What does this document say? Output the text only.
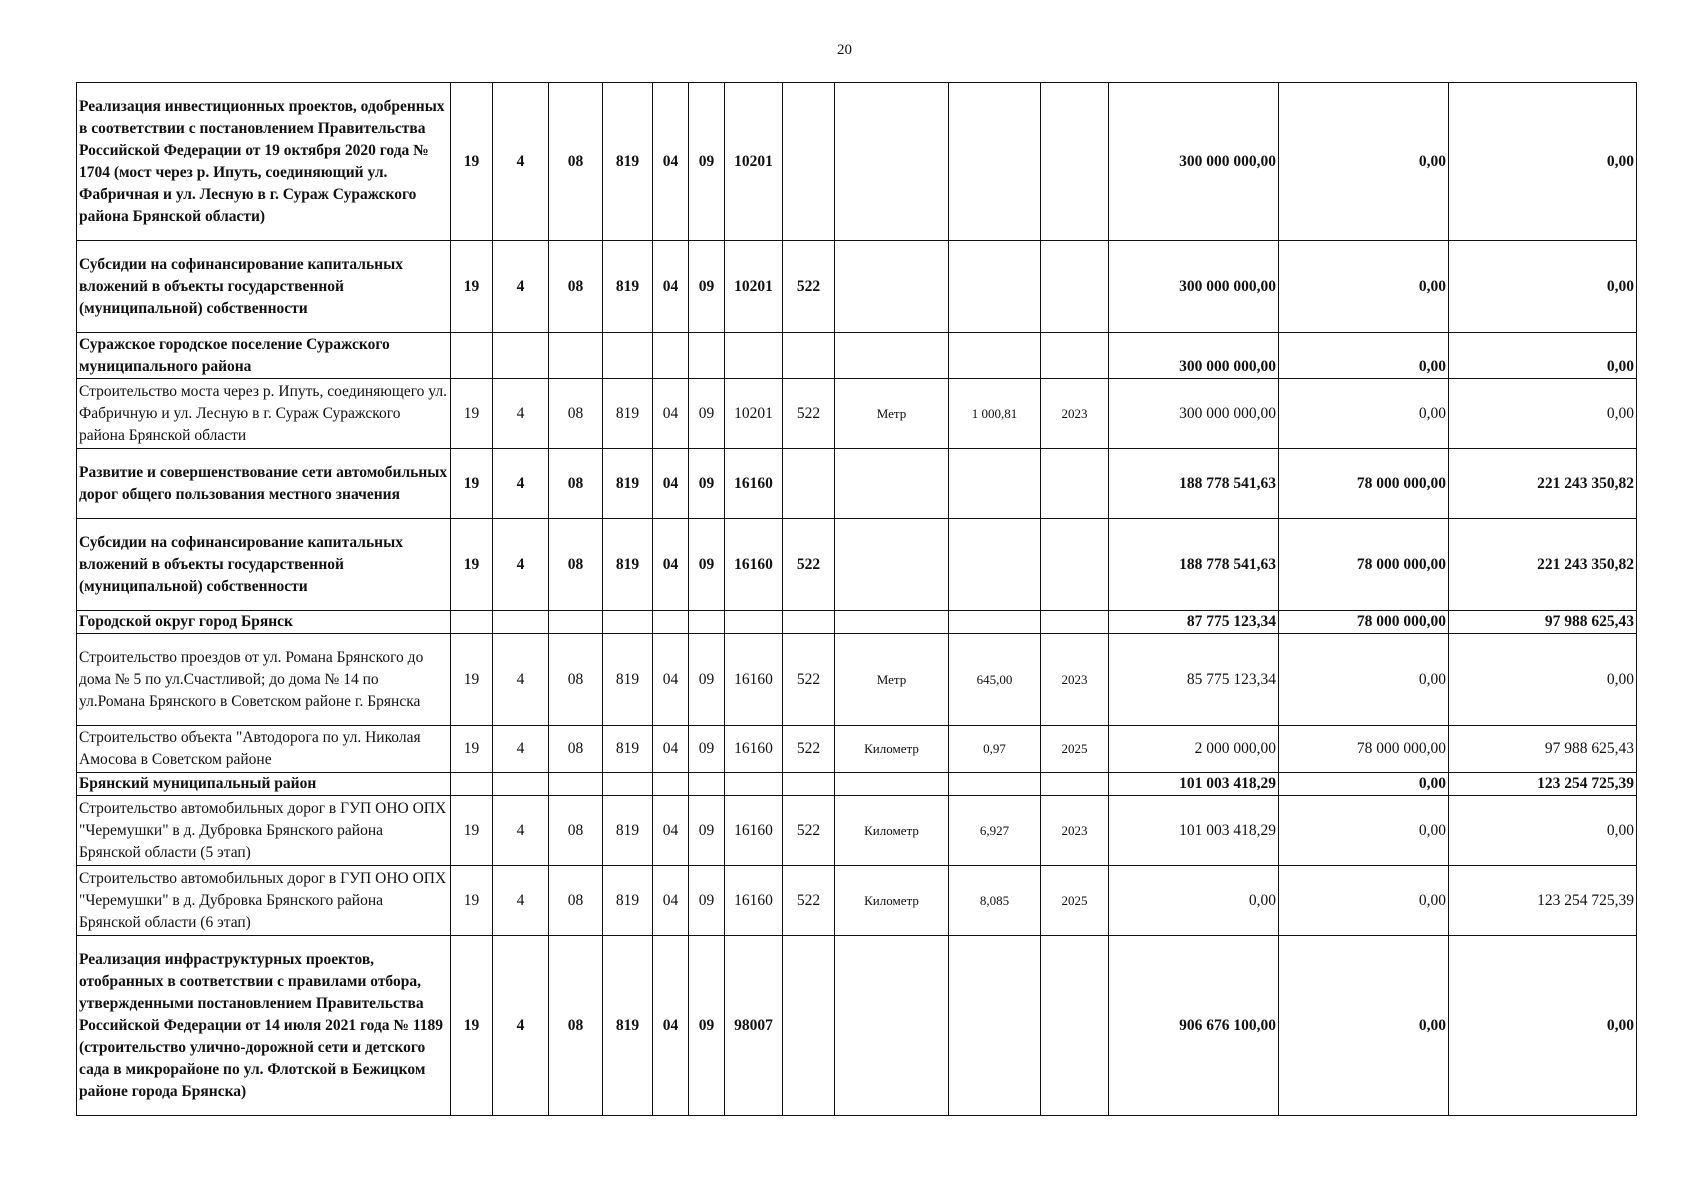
20
Реализация инвестиционных проектов, одобренных в соответствии с постановлением Правительства Российской Федерации от 19 октября 2020 года № 1704 (мост через р. Ипуть, соединяющий ул. Фабричная и ул. Лесную в г. Сураж Суражского района Брянской области)	19	4	08	819	04	09	10201					300 000 000,00	0,00	0,00
Субсидии на софинансирование капитальных вложений в объекты государственной (муниципальной) собственности	19	4	08	819	04	09	10201	522				300 000 000,00	0,00	0,00
Суражское городское поселение Суражского муниципального района												300 000 000,00	0,00	0,00
Строительство моста через р. Ипуть, соединяющего ул. Фабричную и ул. Лесную в г. Сураж Суражского района Брянской области	19	4	08	819	04	09	10201	522	Метр	1 000,81	2023	300 000 000,00	0,00	0,00
Развитие и совершенствование сети автомобильных дорог общего пользования местного значения	19	4	08	819	04	09	16160					188 778 541,63	78 000 000,00	221 243 350,82
Субсидии на софинансирование капитальных вложений в объекты государственной (муниципальной) собственности	19	4	08	819	04	09	16160	522				188 778 541,63	78 000 000,00	221 243 350,82
Городской округ город Брянск												87 775 123,34	78 000 000,00	97 988 625,43
Строительство проездов от ул. Романа Брянского до дома № 5 по ул.Счастливой; до дома № 14 по ул.Романа Брянского в Советском районе г. Брянска	19	4	08	819	04	09	16160	522	Метр	645,00	2023	85 775 123,34	0,00	0,00
Строительство объекта "Автодорога по ул. Николая Амосова в Советском районе	19	4	08	819	04	09	16160	522	Километр	0,97	2025	2 000 000,00	78 000 000,00	97 988 625,43
Брянский муниципальный район												101 003 418,29	0,00	123 254 725,39
Строительство автомобильных дорог в ГУП ОНО ОПХ "Черемушки" в д. Дубровка Брянского района Брянской области (5 этап)	19	4	08	819	04	09	16160	522	Километр	6,927	2023	101 003 418,29	0,00	0,00
Строительство автомобильных дорог в ГУП ОНО ОПХ "Черемушки" в д. Дубровка Брянского района Брянской области (6 этап)	19	4	08	819	04	09	16160	522	Километр	8,085	2025	0,00	0,00	123 254 725,39
Реализация инфраструктурных проектов, отобранных в соответствии с правилами отбора, утвержденными постановлением Правительства Российской Федерации от 14 июля 2021 года № 1189 (строительство улично-дорожной сети и детского сада в микрорайоне по ул. Флотской в Бежицком районе города Брянска)	19	4	08	819	04	09	98007					906 676 100,00	0,00	0,00
